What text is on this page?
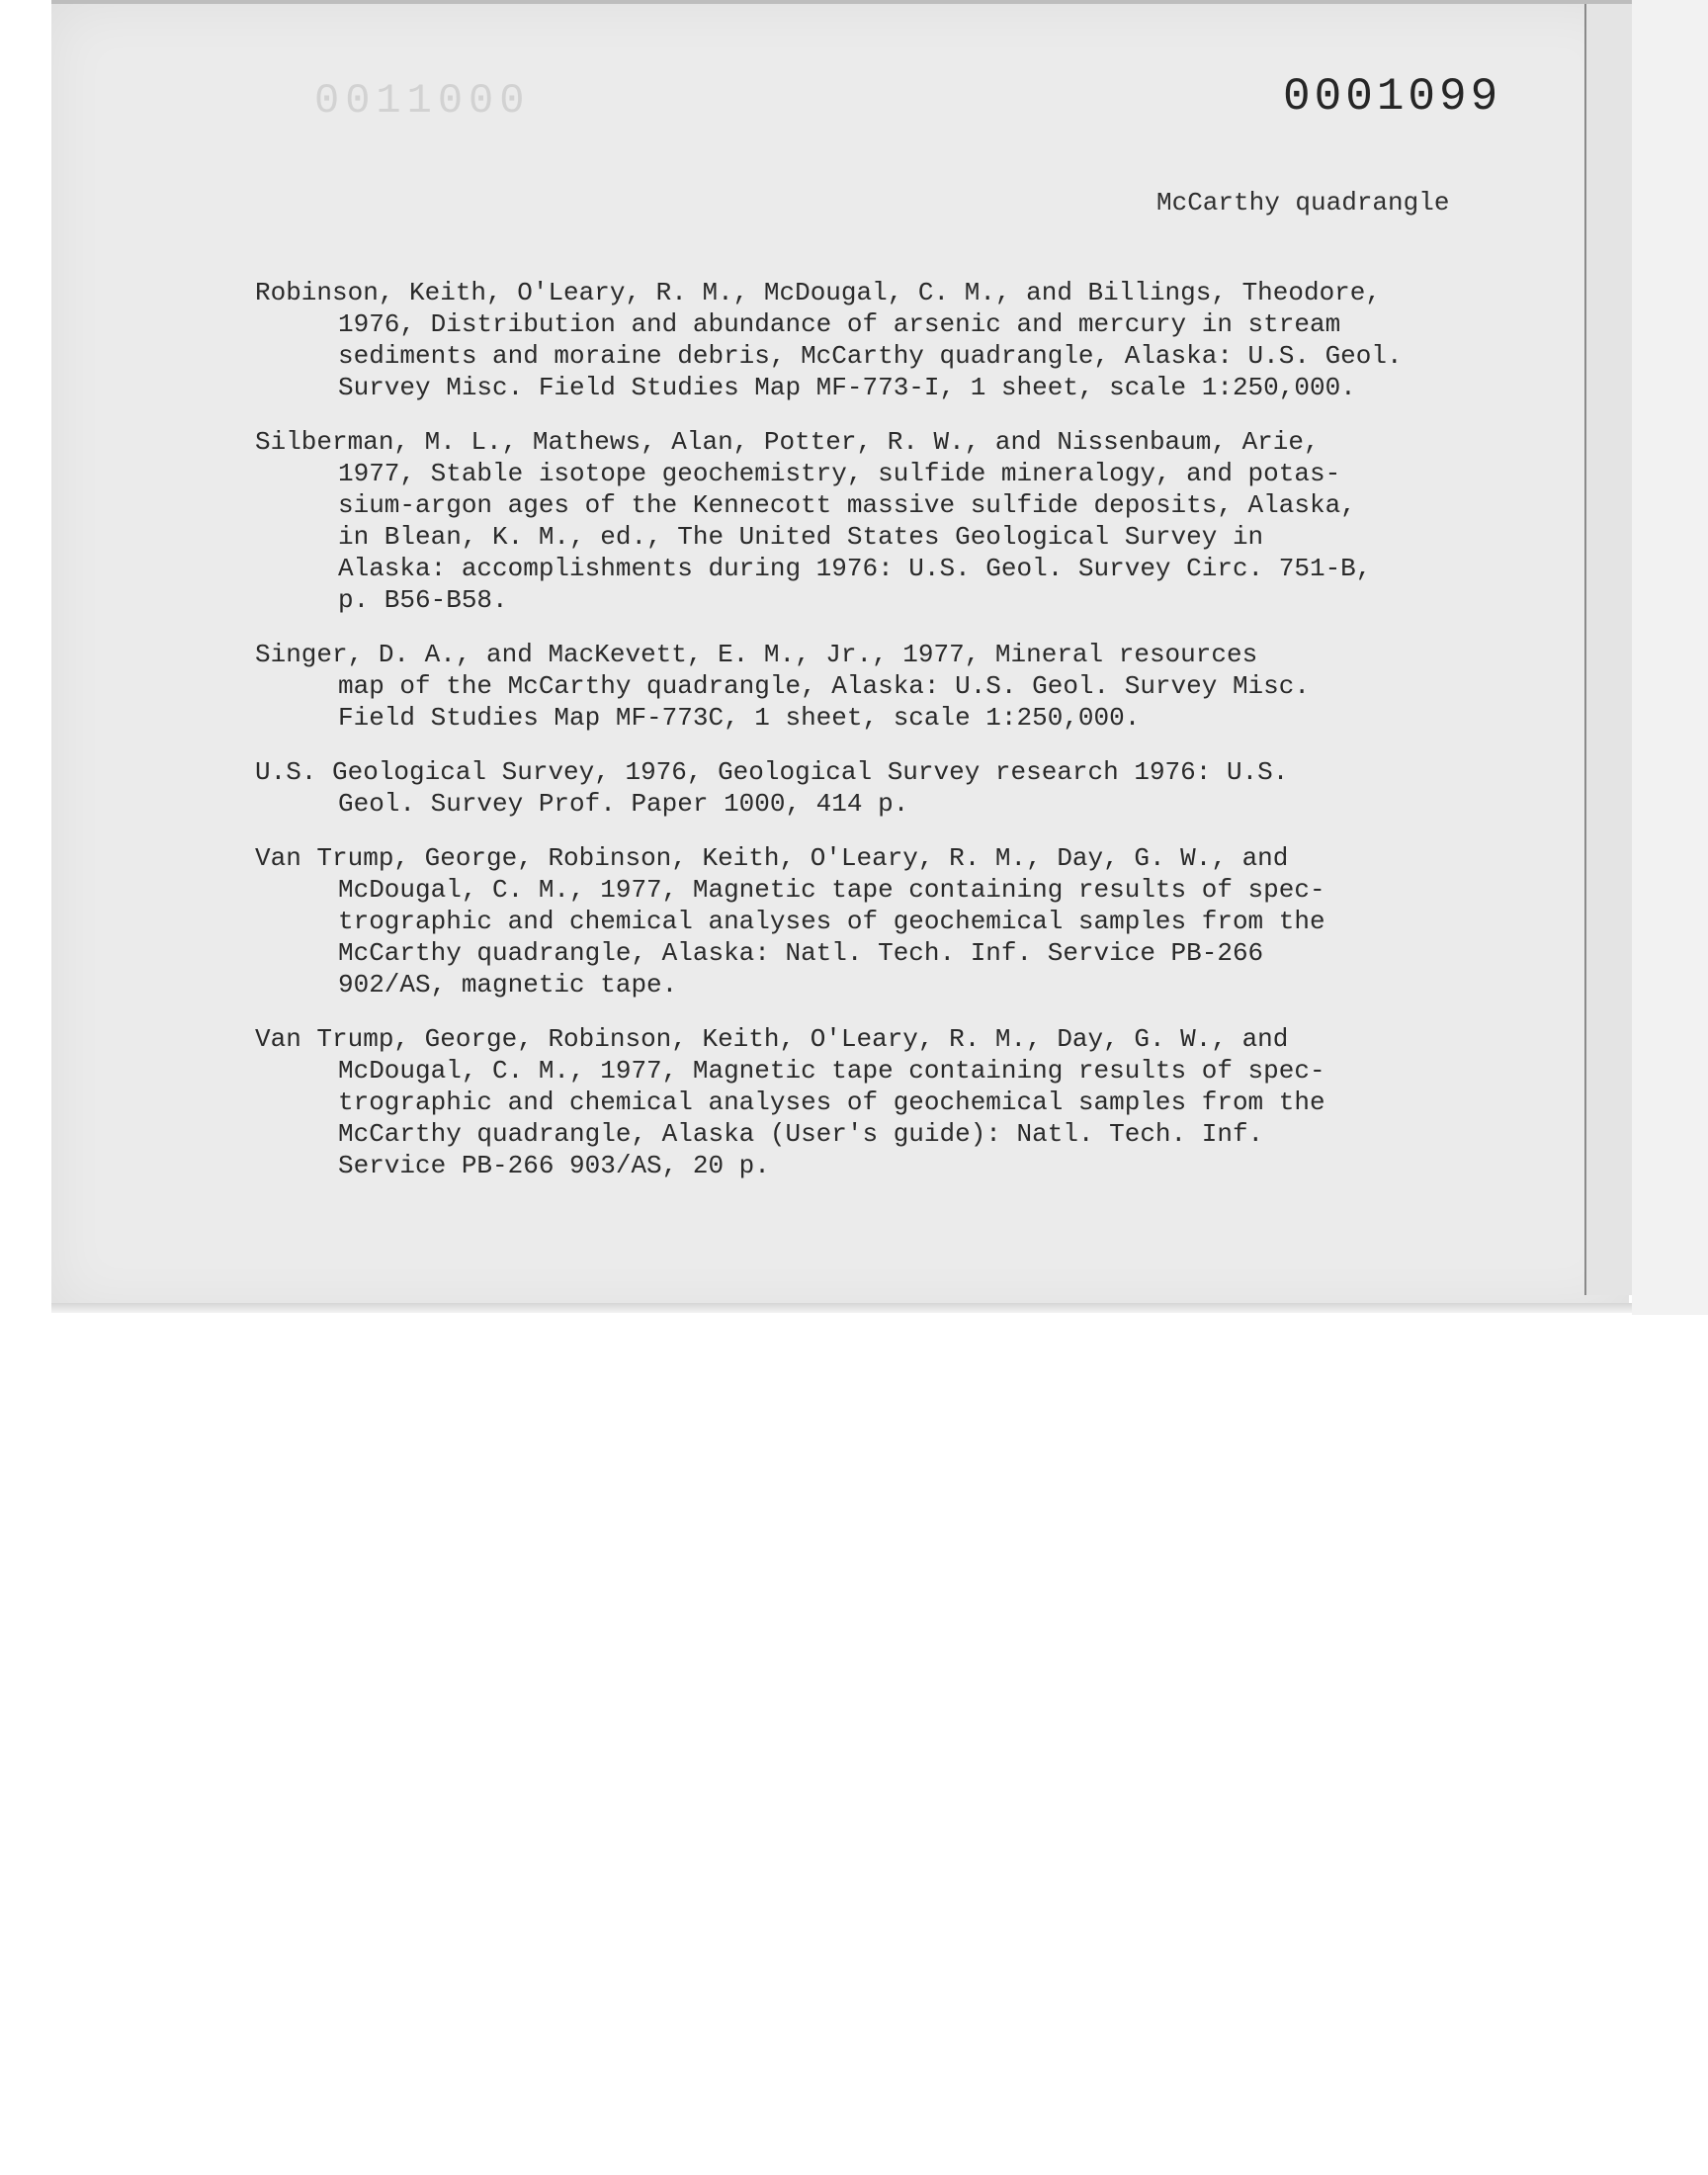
0011000	0001099
McCarthy quadrangle
Robinson, Keith, O'Leary, R. M., McDougal, C. M., and Billings, Theodore,
1976, Distribution and abundance of arsenic and mercury in stream
sediments and moraine debris, McCarthy quadrangle, Alaska: U.S. Geol.
Survey Misc. Field Studies Map MF-773-I, 1 sheet, scale 1:250,000.
Silberman, M. L., Mathews, Alan, Potter, R. W., and Nissenbaum, Arie,
1977, Stable isotope geochemistry, sulfide mineralogy, and potas-
sium-argon ages of the Kennecott massive sulfide deposits, Alaska,
in Blean, K. M., ed., The United States Geological Survey in
Alaska: accomplishments during 1976: U.S. Geol. Survey Circ. 751-B,
p. B56-B58.
Singer, D. A., and MacKevett, E. M., Jr., 1977, Mineral resources
map of the McCarthy quadrangle, Alaska: U.S. Geol. Survey Misc.
Field Studies Map MF-773C, 1 sheet, scale 1:250,000.
U.S. Geological Survey, 1976, Geological Survey research 1976: U.S.
Geol. Survey Prof. Paper 1000, 414 p.
Van Trump, George, Robinson, Keith, O'Leary, R. M., Day, G. W., and
McDougal, C. M., 1977, Magnetic tape containing results of spec-
trographic and chemical analyses of geochemical samples from the
McCarthy quadrangle, Alaska: Natl. Tech. Inf. Service PB-266
902/AS, magnetic tape.
Van Trump, George, Robinson, Keith, O'Leary, R. M., Day, G. W., and
McDougal, C. M., 1977, Magnetic tape containing results of spec-
trographic and chemical analyses of geochemical samples from the
McCarthy quadrangle, Alaska (User's guide): Natl. Tech. Inf.
Service PB-266 903/AS, 20 p.
